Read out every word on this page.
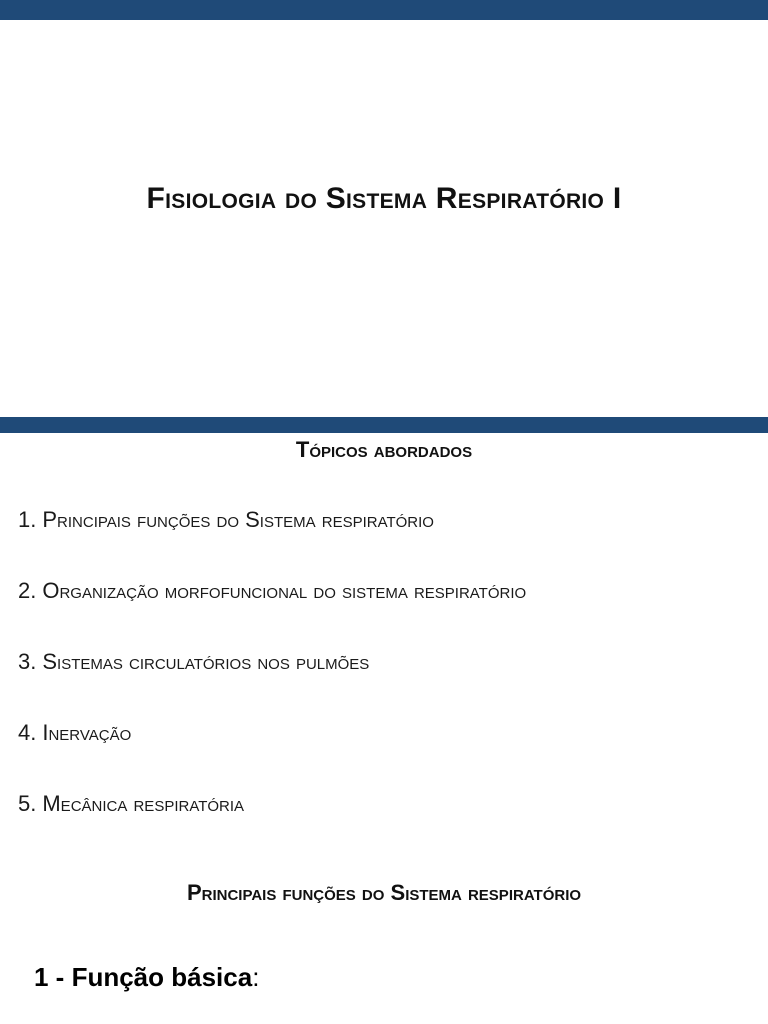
Fisiologia do Sistema Respiratório I
Tópicos abordados
1. Principais funções do Sistema respiratório
2. Organização morfofuncional do sistema respiratório
3. Sistemas circulatórios nos pulmões
4. Inervação
5. Mecânica respiratória
Principais funções do Sistema respiratório
1 - Função básica:
